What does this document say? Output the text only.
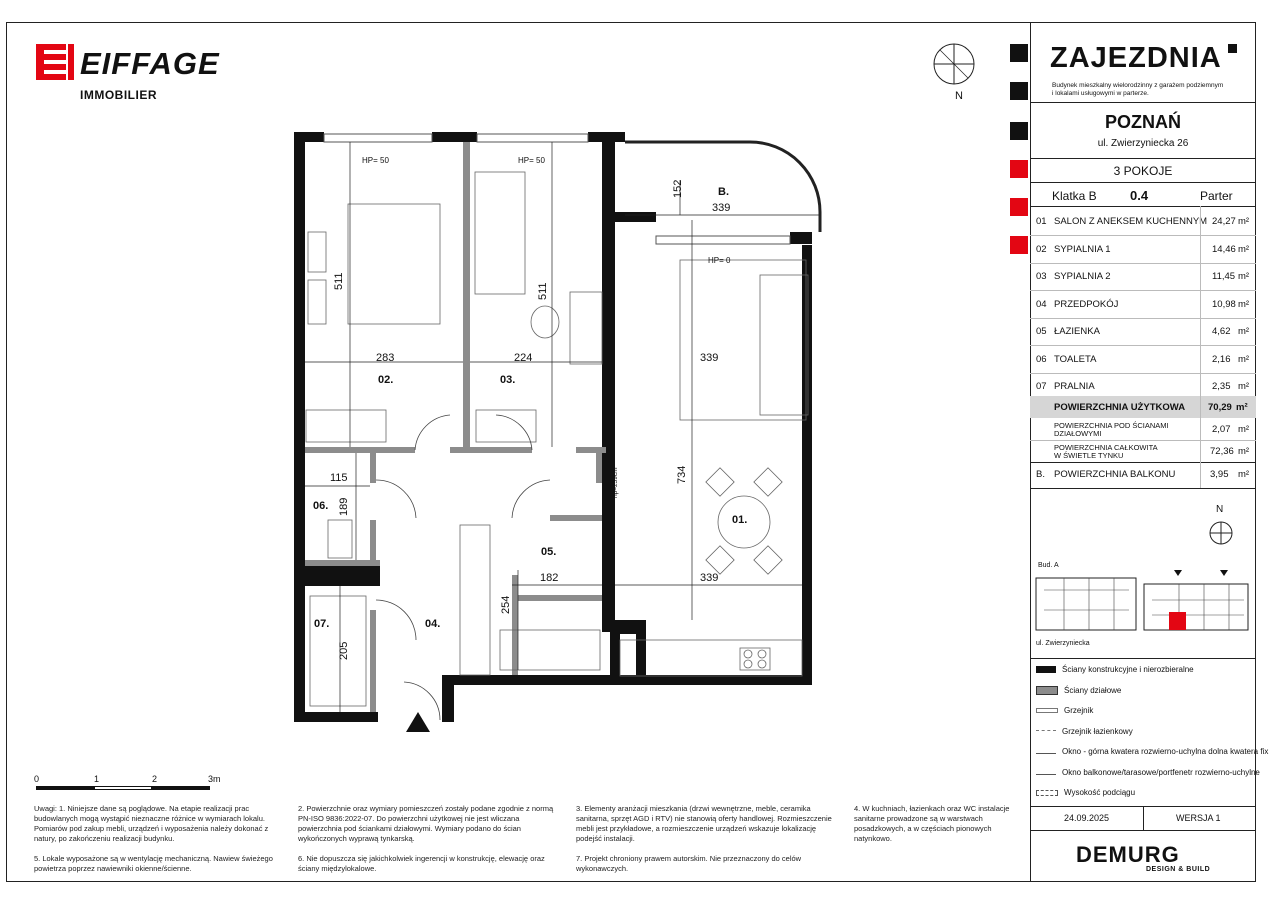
EIFFAGE
IMMOBILIER	N
ZAJEZDNIA
Budynek mieszkalny wielorodzinny z garażem podziemnym
i lokalami usługowymi w parterze.
POZNAŃ
ul. Zwierzyniecka 26
3 POKOJE
Klatka B	0.4	Parter
01 SALON Z ANEKSEM KUCHENNYM 24,27 m²
02 SYPIALNIA 1	14,46 m²
03 SYPIALNIA 2	11,45 m²
04 PRZEDPOKÓJ	10,98 m²
05 ŁAZIENKA	4,62 m²
06 TOALETA	2,16 m²
07 PRALNIA	2,35 m²
POWIERZCHNIA UŻYTKOWA 70,29 m²
POWIERZCHNIA POD ŚCIANAMI
DZIAŁOWYMI	2,07 m²
POWIERZCHNIA CAŁKOWITA
W ŚWIETLE TYNKU	72,36 m²
B. POWIERZCHNIA BALKONU	3,95 m²
N
Bud. A
ul. Zwierzyniecka
Ściany konstrukcyjne i nierozbieralne
Ściany działowe
Grzejnik
Grzejnik łazienkowy
Okno - górna kwatera rozwierno-uchylna dolna kwatera fix
Okno balkonowe/tarasowe/portfenetr rozwierno-uchylne
Wysokość podciągu
24.09.2025	WERSJA 1
DEMURG
DESIGN & BUILD
01.
02.	03.
04.
05.
06.
07.
B.
283	224
511
511
339
339
339
152
734
115
189
182
254
205
hp=239cm
HP= 50	HP= 50
HP= 0
0	1	2	3m
Uwagi: 1. Niniejsze dane są poglądowe. Na etapie realizacji prac budowlanych mogą wystąpić nieznaczne różnice w wymiarach lokalu. Pomiarów pod zakup mebli, urządzeń i wyposażenia należy dokonać z natury, po zakończeniu realizacji budynku.
2. Powierzchnie oraz wymiary pomieszczeń zostały podane zgodnie z normą PN-ISO 9836:2022-07. Do powierzchni użytkowej nie jest wliczana powierzchnia pod ściankami działowymi. Wymiary podano do ścian wykończonych wyprawą tynkarską.
3. Elementy aranżacji mieszkania (drzwi wewnętrzne, meble, ceramika sanitarna, sprzęt AGD i RTV) nie stanowią oferty handlowej. Rozmieszczenie mebli jest przykładowe, a rozmieszczenie urządzeń wskazuje lokalizację podejść instalacji.
4. W kuchniach, łazienkach oraz WC instalacje sanitarne prowadzone są w warstwach posadzkowych, a w częściach pionowych natynkowo.
5. Lokale wyposażone są w wentylację mechaniczną. Nawiew świeżego powietrza poprzez nawiewniki okienne/ścienne.
6. Nie dopuszcza się jakichkolwiek ingerencji w konstrukcję, elewację oraz ściany międzylokalowe.
7. Projekt chroniony prawem autorskim. Nie przeznaczony do celów wykonawczych.
